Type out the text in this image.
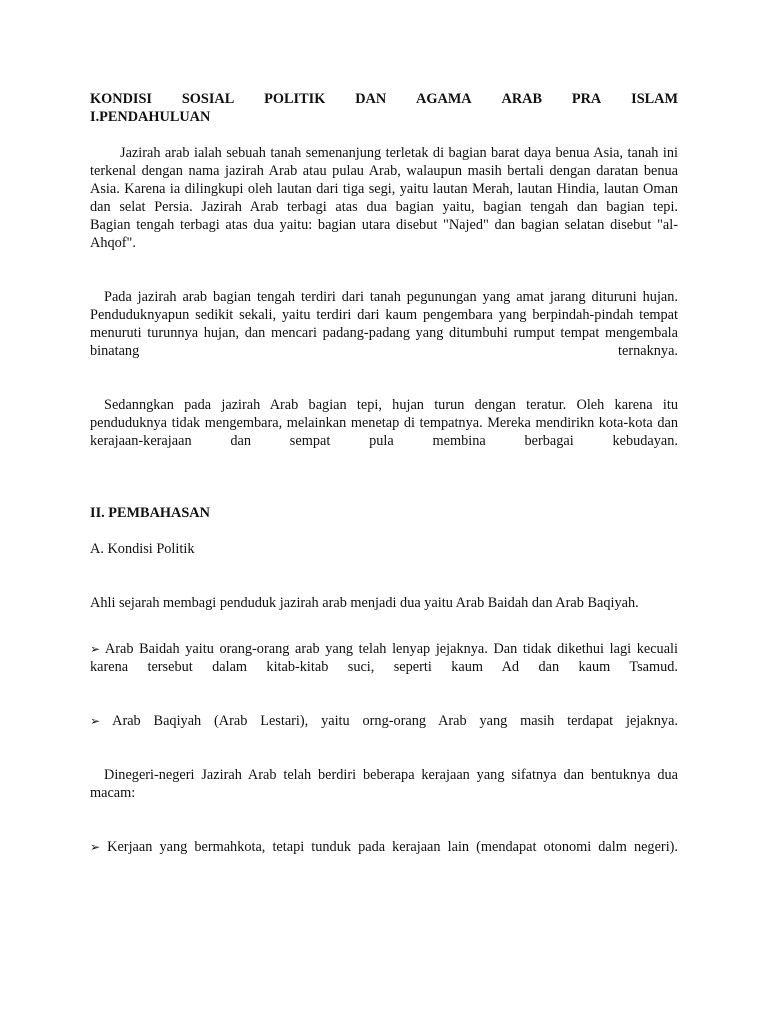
KONDISI SOSIAL POLITIK DAN AGAMA ARAB PRA ISLAM

I.PENDAHULUAN

Jazirah arab ialah sebuah tanah semenanjung terletak di bagian barat daya benua Asia, tanah ini terkenal dengan nama jazirah Arab atau pulau Arab, walaupun masih bertali dengan daratan benua Asia. Karena ia dilingkupi oleh lautan dari tiga segi, yaitu lautan Merah, lautan Hindia, lautan Oman dan selat Persia. Jazirah Arab terbagi atas dua bagian yaitu, bagian tengah dan bagian tepi.

Bagian tengah terbagi atas dua yaitu: bagian utara disebut "Najed" dan bagian selatan disebut "al-Ahqof".

Pada jazirah arab bagian tengah terdiri dari tanah pegunungan yang amat jarang dituruni hujan. Penduduknyapun sedikit sekali, yaitu terdiri dari kaum pengembara yang berpindah-pindah tempat menuruti turunnya hujan, dan mencari padang-padang yang ditumbuhi rumput tempat mengembala binatang ternaknya.

Sedanngkan pada jazirah Arab bagian tepi, hujan turun dengan teratur. Oleh karena itu penduduknya tidak mengembara, melainkan menetap di tempatnya. Mereka mendirikn kota-kota dan kerajaan-kerajaan dan sempat pula membina berbagai kebudayan.

II. PEMBAHASAN

A. Kondisi Politik

Ahli sejarah membagi penduduk jazirah arab menjadi dua yaitu Arab Baidah dan Arab Baqiyah.

➢ Arab Baidah yaitu orang-orang arab yang telah lenyap jejaknya. Dan tidak dikethui lagi kecuali karena tersebut dalam kitab-kitab suci, seperti kaum Ad dan kaum Tsamud.

➢ Arab Baqiyah (Arab Lestari), yaitu orng-orang Arab yang masih terdapat jejaknya.

Dinegeri-negeri Jazirah Arab telah berdiri beberapa kerajaan yang sifatnya dan bentuknya dua macam:

➢ Kerjaan yang bermahkota, tetapi tunduk pada kerajaan lain (mendapat otonomi dalm negeri).
